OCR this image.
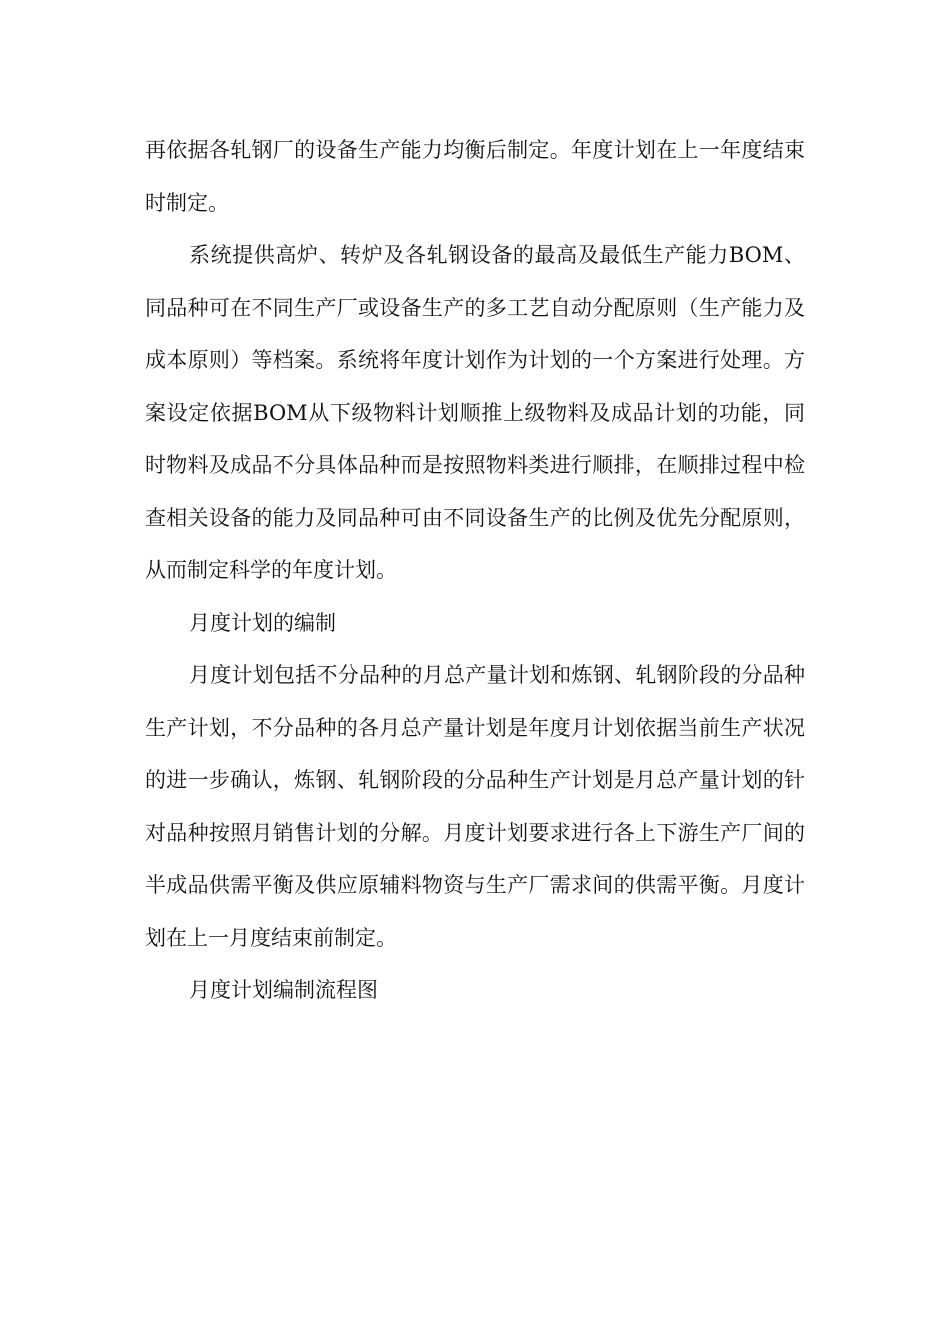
再依据各轧钢厂的设备生产能力均衡后制定。年度计划在上一年度结束时制定。

系统提供高炉、转炉及各轧钢设备的最高及最低生产能力BOM、同品种可在不同生产厂或设备生产的多工艺自动分配原则（生产能力及成本原则）等档案。系统将年度计划作为计划的一个方案进行处理。方案设定依据BOM从下级物料计划顺推上级物料及成品计划的功能，同时物料及成品不分具体品种而是按照物料类进行顺排，在顺排过程中检查相关设备的能力及同品种可由不同设备生产的比例及优先分配原则，从而制定科学的年度计划。

月度计划的编制

月度计划包括不分品种的月总产量计划和炼钢、轧钢阶段的分品种生产计划，不分品种的各月总产量计划是年度月计划依据当前生产状况的进一步确认，炼钢、轧钢阶段的分品种生产计划是月总产量计划的针对品种按照月销售计划的分解。月度计划要求进行各上下游生产厂间的半成品供需平衡及供应原辅料物资与生产厂需求间的供需平衡。月度计划在上一月度结束前制定。

月度计划编制流程图
